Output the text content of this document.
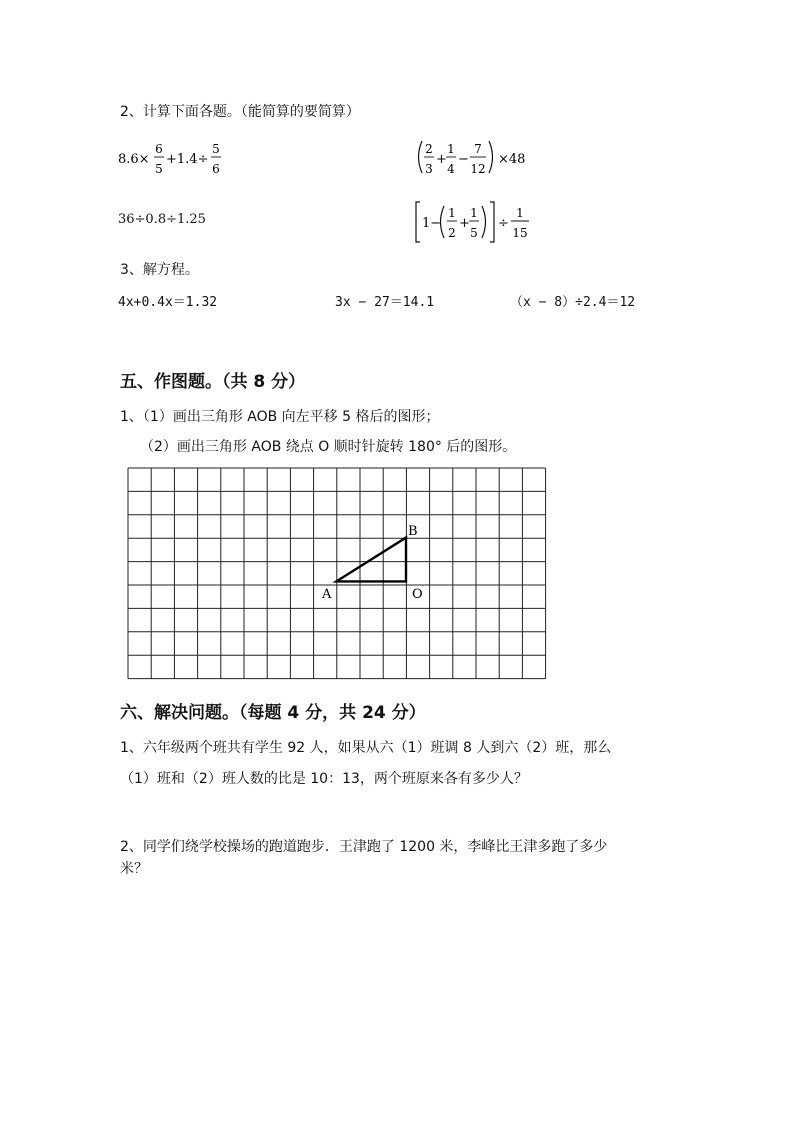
2、计算下面各题。（能简算的要简算）
8.6×
6
5
+1.4÷
5
6
2
3
+
1
4
−
7
12
×48
36÷0.8÷1.25	1−
1
2
+
1
5
÷
1
15
3、解方程。
4x+0.4x＝1.32	3x − 27＝14.1	（x − 8）÷2.4＝12
五、作图题。（共 8 分）
1、（1）画出三角形 AOB 向左平移 5 格后的图形；
（2）画出三角形 AOB 绕点 O 顺时针旋转 180° 后的图形。
A
B
O
六、解决问题。（每题 4 分，共 24 分）
1、六年级两个班共有学生 92 人，如果从六（1）班调 8 人到六（2）班，那么
（1）班和（2）班人数的比是 10：13，两个班原来各有多少人？
2、同学们绕学校操场的跑道跑步．王津跑了 1200 米，李峰比王津多跑了多少
米？
